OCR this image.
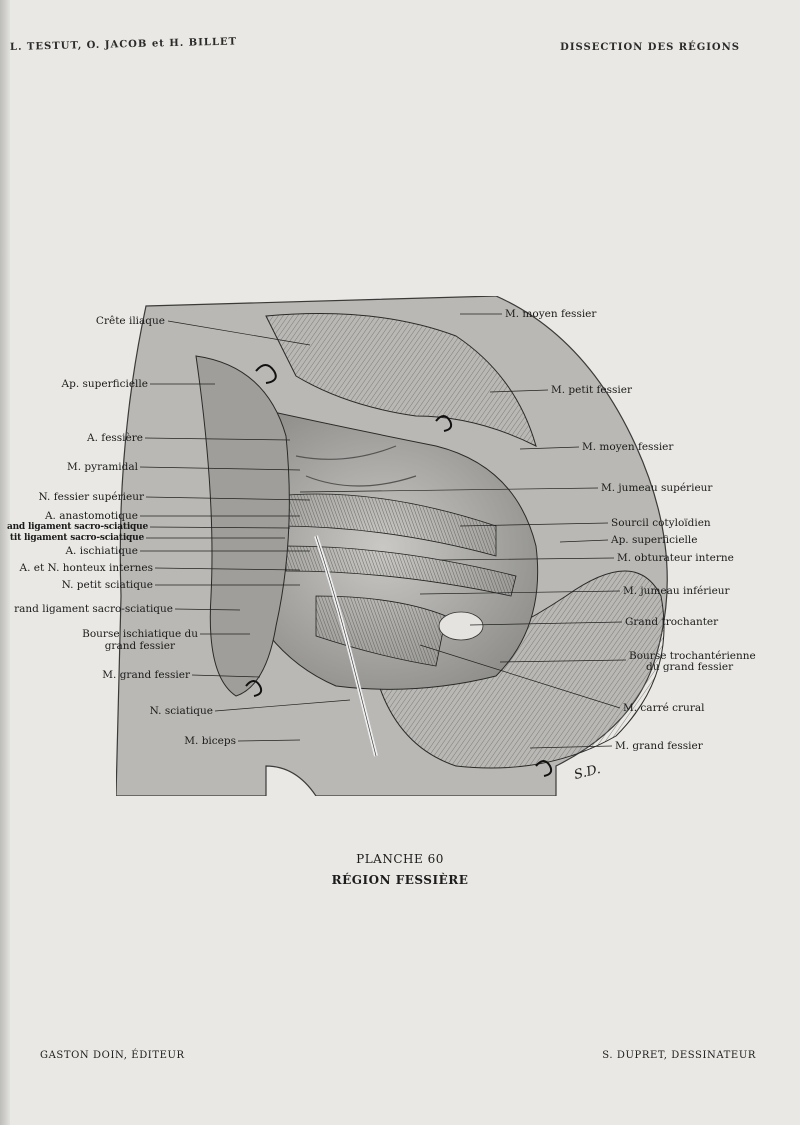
L. TESTUT, O. JACOB et H. BILLET	DISSECTION DES RÉGIONS
Crête iliaque
Ap. superficielle
A. fessière
M. pyramidal
N. fessier supérieur
A. anastomotique
and ligament sacro-sciatique
tit ligament sacro-sciatique
A. ischiatique
A. et N. honteux internes
N. petit sciatique
rand ligament sacro-sciatique
Bourse ischiatique du
grand fessier
M. grand fessier
N. sciatique
M. biceps
M. moyen fessier
M. petit fessier
M. moyen fessier
M. jumeau supérieur
Sourcil cotyloïdien
Ap. superficielle
M. obturateur interne
M. jumeau inférieur
Grand trochanter
Bourse trochantérienne
du grand fessier
M. carré crural
M. grand fessier
S.D.
PLANCHE 60
RÉGION FESSIÈRE
GASTON DOIN, ÉDITEUR	S. DUPRET, DESSINATEUR
